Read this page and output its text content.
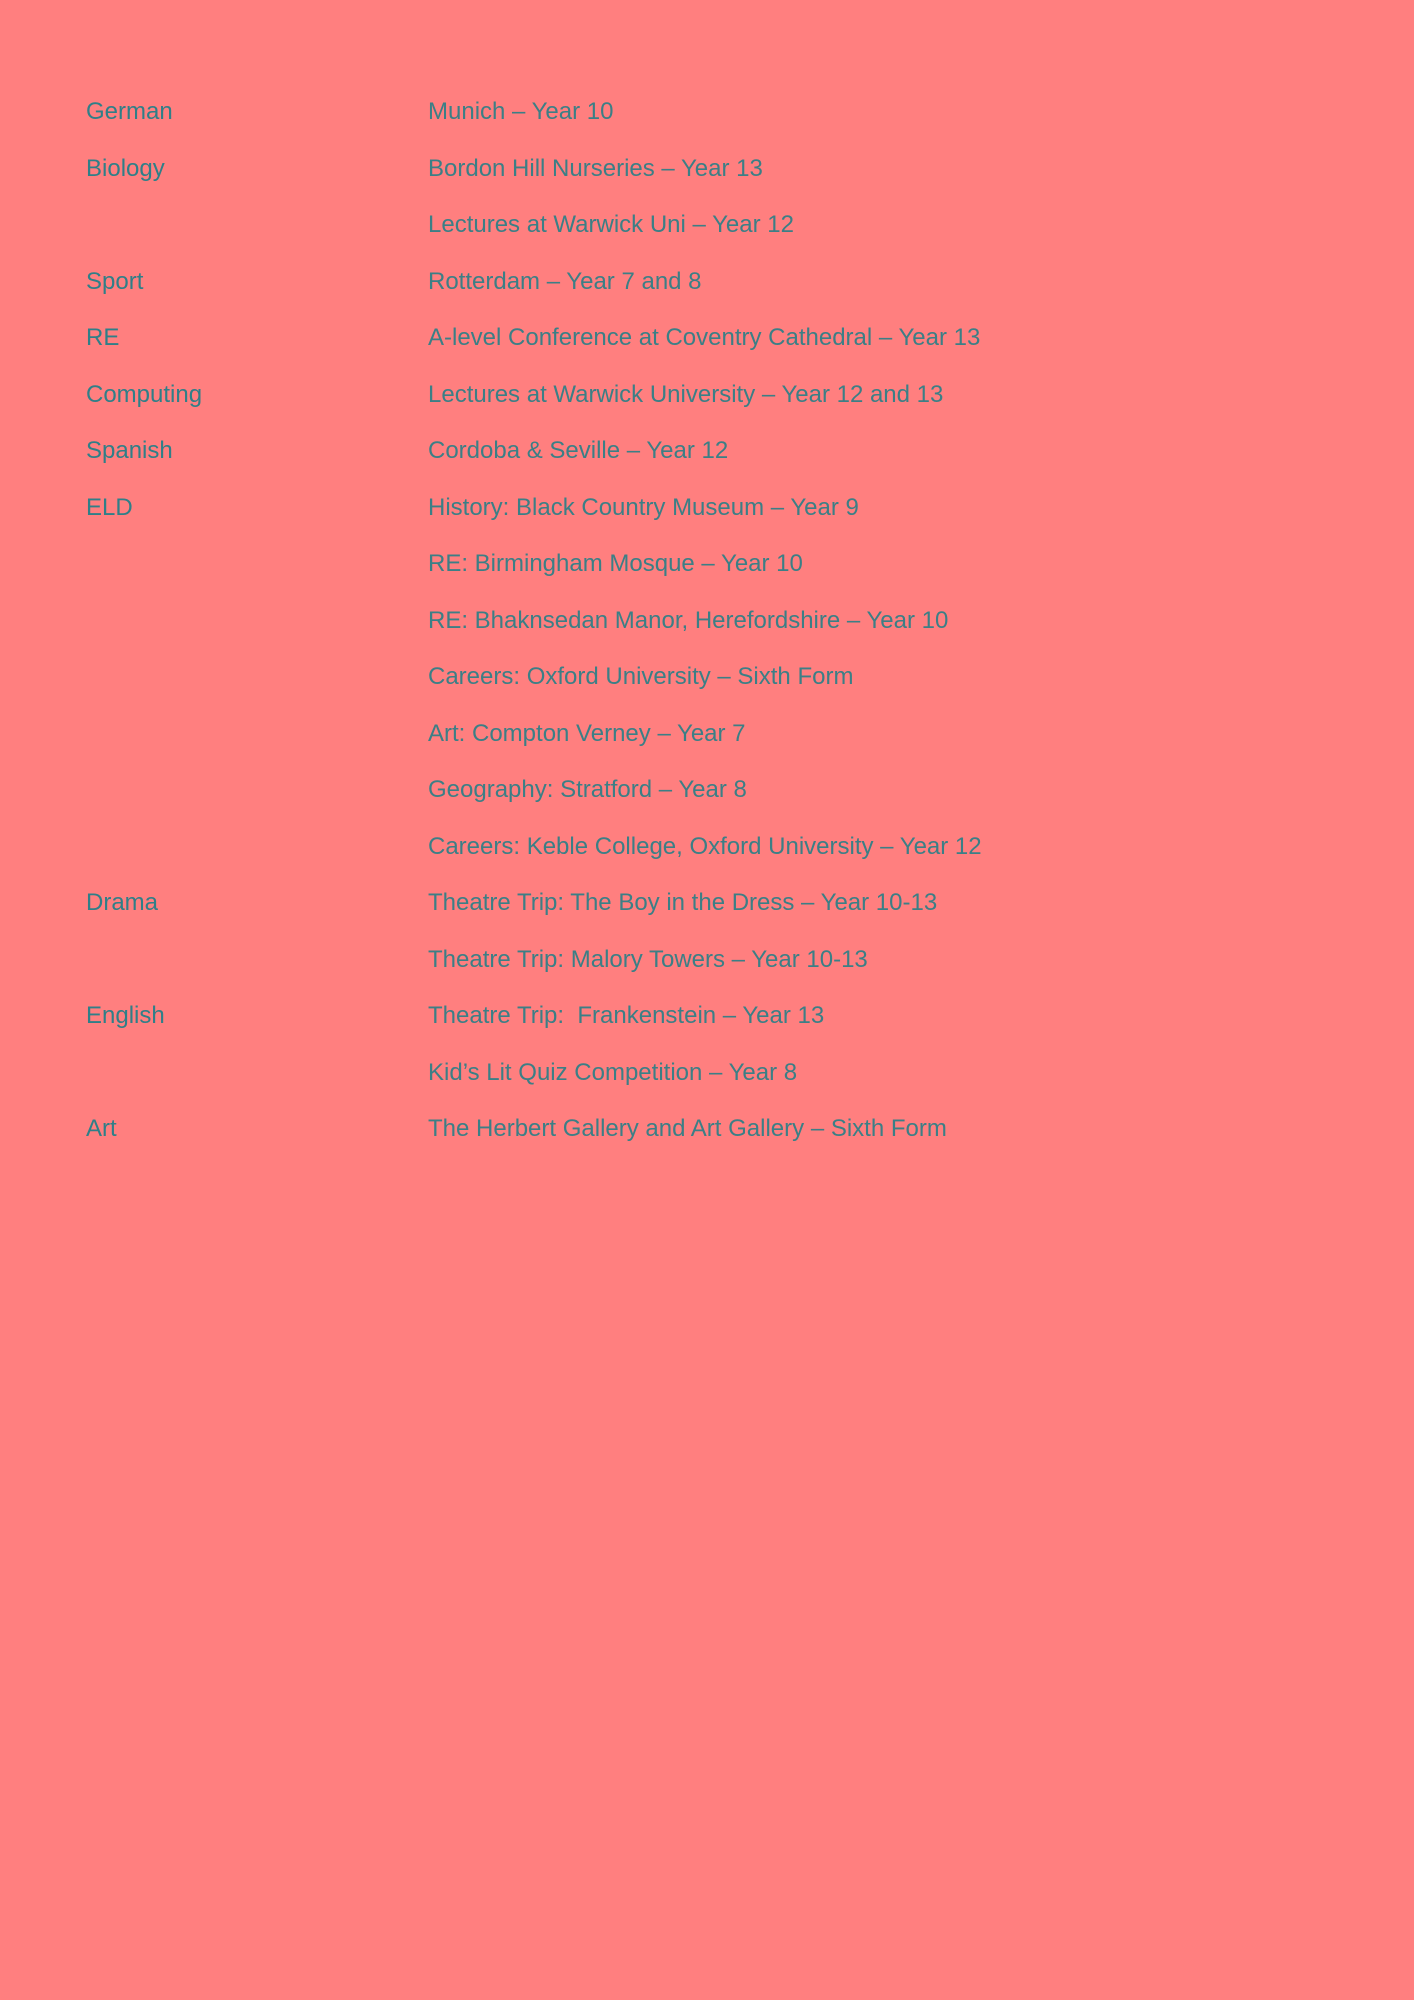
German	Munich – Year 10
Biology	Bordon Hill Nurseries – Year 13
Lectures at Warwick Uni – Year 12
Sport	Rotterdam – Year 7 and 8
RE	A-level Conference at Coventry Cathedral – Year 13
Computing	Lectures at Warwick University – Year 12 and 13
Spanish	Cordoba & Seville – Year 12
ELD	History: Black Country Museum – Year 9
RE: Birmingham Mosque – Year 10
RE: Bhaknsedan Manor, Herefordshire – Year 10
Careers: Oxford University – Sixth Form
Art: Compton Verney – Year 7
Geography: Stratford – Year 8
Careers: Keble College, Oxford University – Year 12
Drama	Theatre Trip: The Boy in the Dress – Year 10-13
Theatre Trip: Malory Towers – Year 10-13
English	Theatre Trip:  Frankenstein – Year 13
Kid’s Lit Quiz Competition – Year 8
Art	The Herbert Gallery and Art Gallery – Sixth Form
